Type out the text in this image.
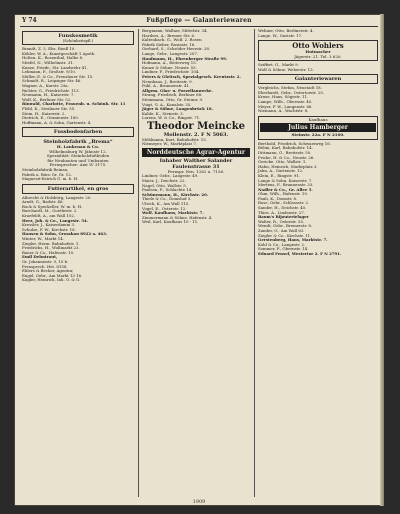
Y 74	Fußpflege — Galanteriewaren
Funskosmetik
(Schönheitspfl.)
Brandt, Z. 3, Ebs. Riedl 10.
Köhler, W. A., Kunstgeschäft 1 Apoth.
Holten, K., Rosenthal, Halbe 8.
Stiefel, N., Wilhelmstr. 31.
Kunze, Friedr., Str. Landwehr 41.
Lehmann, F., Großstr. 9/10.
Müller, E. & Co., Prenzlauer Str. 15.
Schmidt, R., Leipziger Str. 46.
Wagner, A., Kurstr. 29a.
Richter, G., Friedrichstr. 113.
Neumann, H., Kaiserstr. 7.
Wolf, K., Berliner Str. 52.
Rinwald, Charlotte, Frauenb. u. Schönh. Str. 11
Flöhl, K., Stralauer Str. 35.
Stein, H., Kaiserstr. 2.
Dietrich, E., Oranienstr. 180.
Hoffmann, A. & Sohn, Gartenstr. 4.
Fussbodenfarben
Steinholzfabrik „Brema“
H. Lankenau & Co.
Wilhelmsburg W. Jähnstr 12.
Spezialität: Steinholzfußböden
für Neubauten und Umbauten
Fernsprecher: Amt IV 3175.
Steinholzfabrik Reinau,
Fabrik u. Büro Gr. Gr. 12.
Magnesit-Estrich G. m. b. H.
Futterartikel, en gros
Albrecht & Holsbürg, Langestr. 20.
Arndt, G., Badstr. 46.
Bock & Speckeller, W. m. b. H.
Burchardt, M., Goethestr. 2.
Kraefeldt, A., am Wall 102.
Herz, Joh. & Co., Langestr. 54.
Kressler, J., Kaiserdamm 3.
Schulze, F. W., Kirchstr. 18.
Hansen & Sohn, Grosskau 8922 a. 463.
Winter, W., Markt 14.
Ziegler, Herm. Bahnhofstr. 1.
Friedrichs, H., Wollmarkt 23.
Bauer & Co., Hafenstr. 10.
Emil Dehntraut,
Gr. Johannisstr. 9, 10 b.
Fernsprech. Hst. 8158.
Ehlers & Becker, Agentur,
Engel, Gebr., Am Markt 13 16.
Kugler, Heinrich, Inh. O. & G.
Bergmann, Wallner, Mittelstr. 34.
Harders, A., Bremer Str. 6.
Kaltenbach, G., Wolf. 2. Rosen
Fabrik Sieber, Rosinstr. 16.
Gerhard, S., Schröder Heerstr. 28.
Lange, Gebr., Langestr. 207.
Hanfmann, H., Ehrenberger Straße 99.
Hofmann, A., Reiterweg 15.
Kunze & Söhne, Neustr. 55.
Lindner, P., Friedrichstr. 104.
Peters & Gleitsch, Spezialgesch. Kreutzstr. 2.
Neunhaus, J., Breitestr. 9.
Pohl, A., Brunnenstr. 41.
Allgem. Glas- u. Porzellanwerke.
Strang, Friedrich, Berliner 68.
Steinmann, Otto, Gr. Steinw. 9.
Voigt, G. A., Kanalstr. 35.
Jäger & Söhne, Langenbrück 18.
Kahle, K., Steinstr. 3.
Lorenz, W. & Co., Ringstr. 71.
Theodor Meincke
Mollenstr. 2. F N 5063.
Möhlmann, Kurt, Bahnhofstr. 15.
Niemeyer, W., Marktplatz 7.
Norddeutsche Agrar-Agentur
Inhaber Walther Salander
Faulenstrasse 31
Fernspr. Nrn. 1262 u. 7136.
Lindner, Gebr., Langestr. 49.
Maier, J., Deichstr. 22.
Nagel, Otto, Wallstr. 5.
Paulsen, F., Schlachte 14.
Schünemann, H., Kirchstr. 20.
Thiele & Co., Domshof 3.
Ulrich, K., Am Wall 115.
Vogel, E., Osterstr. 12.
Wolf. Kaufhaus, Marktstr. 7.
Zimmermann & Söhne, Hafenstr. 4.
Weil, Karl, Kaufhaus 10 - 11.
Wehner, Otto, Berlinerstr. 4.
Lange, W., Gaststr. 17.
Otto Wohlers
Hutmacher
Jägerstr. 21. Tel. 3 620.
Seiffert, G., Markt 9.
Wolf & Söhne, Weberstr. 13.
Galanteriewaren
Vergleichs, Stefan, Neustadt 18.
Eberhardt, Gebr., Ostertorstr. 25.
Kruse, Hans, Sögestr. 11.
Lampe, Wilh., Obernstr. 40.
Meyer, F. W., Langenstr. 66.
Niemann, A., Wachtstr. 8.
Kaufhaus
Julius Hamberger
Steinstr. 22a. F N 2100.
Berthold, Friedrich, Schwarzweg 16.
Böhm, Karl, Bahnhofstr. 14.
Dittmann, G., Breitestr. 50.
Fricke, H. & Co., Neustr. 26.
Gericke, Otto, Wallstr. 1.
Hahn, Heinrich, Marktplatz 3.
Jahn, A., Gartenstr. 12.
Klein, E., Ringstr. 91.
Lange & Sohn, Kaiserstr. 7.
Mertens, F., Brunnenstr. 33.
Nadler & Co., Gr. Allee 5.
Ohm, Wilh., Hafenstr. 19.
Pauli, K., Domstr. 8.
Rose, Gebr., Schlossstr. 2.
Sander, H., Deichstr. 40.
Thies, A., Lindenstr. 27.
Baum's Bijouterielager
Walter, R., Osterstr. 55.
Wendt, Gebr., Bremerstr. 8.
Zander, O., Am Wall 63.
Ziegler & Co., Kirchstr. 11.
Gerstenberg, Hans, Marktstr. 7.
Kohl & Co., Langestr. 2.
Sommer, F., Obernstr. 14.
Eduard Fensel, Westertor 2. F N 2791.
1909
